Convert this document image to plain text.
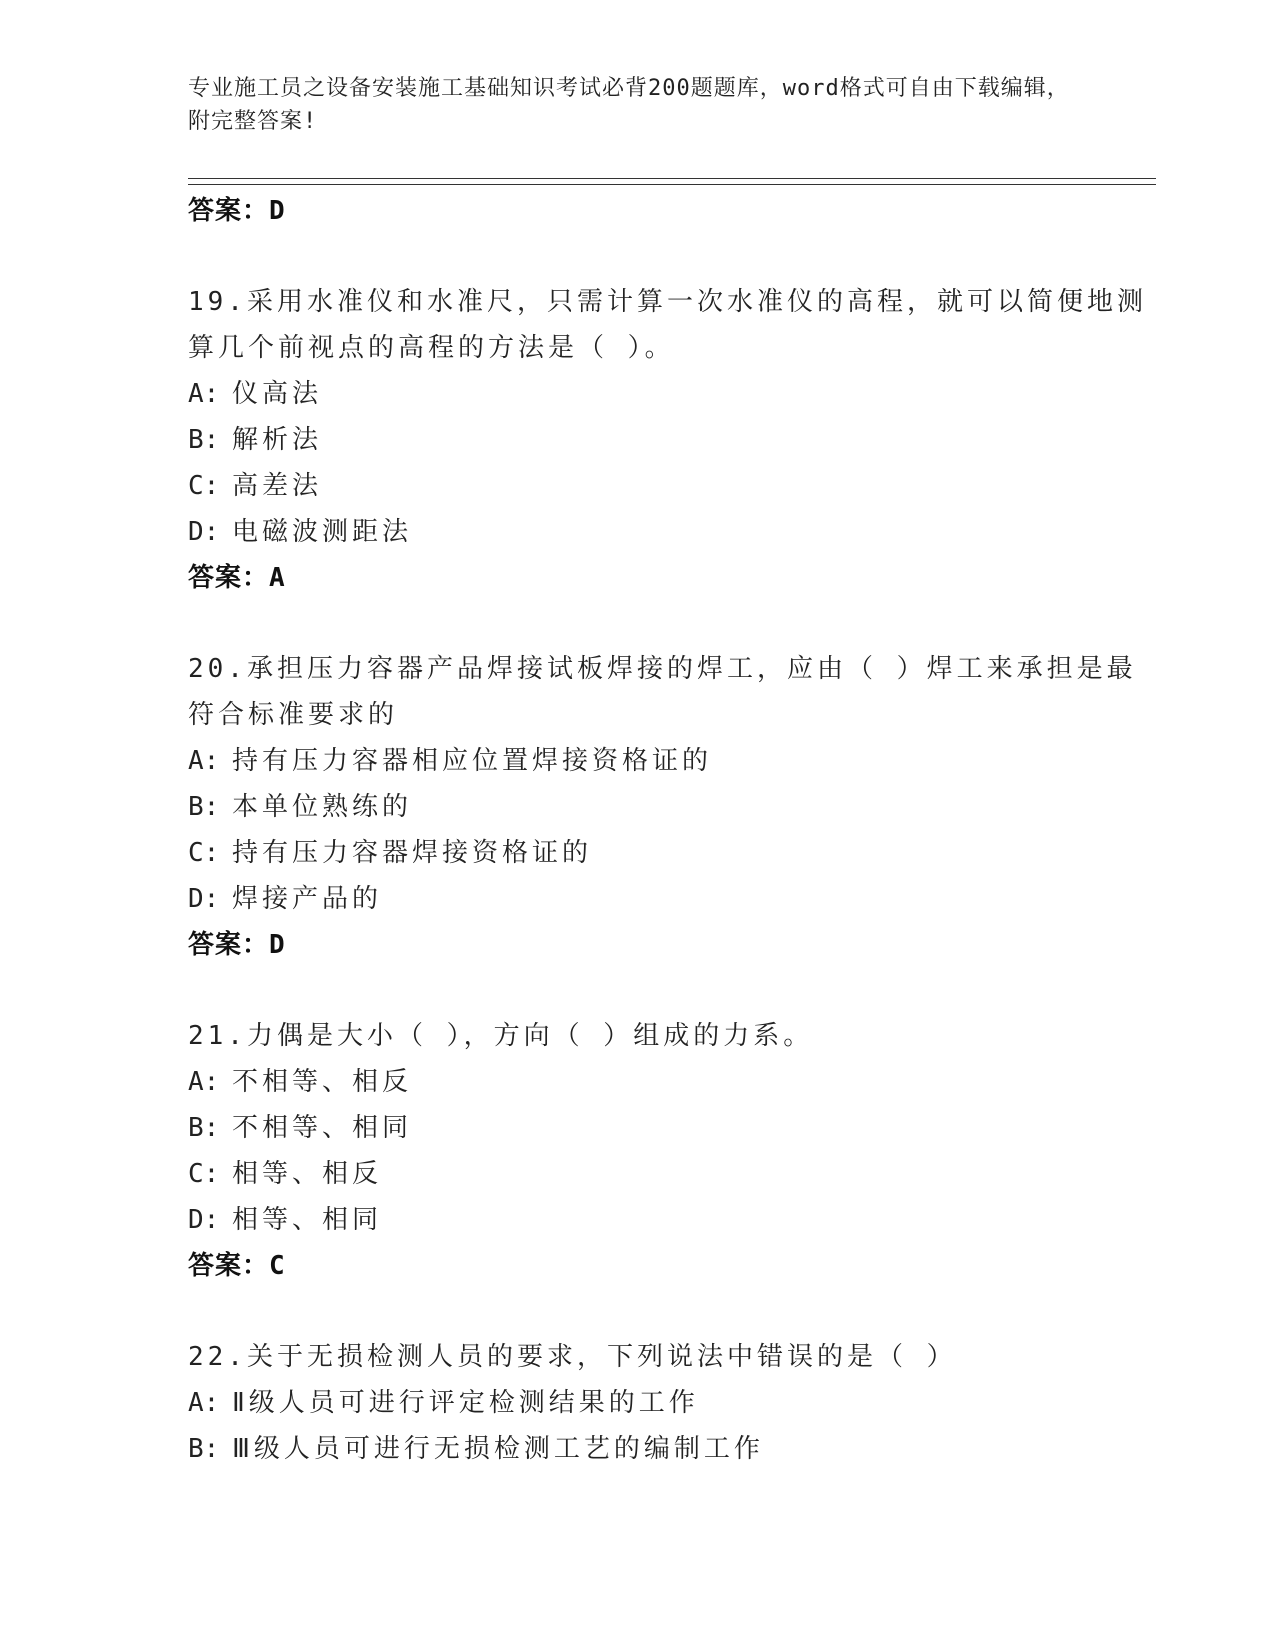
专业施工员之设备安装施工基础知识考试必背200题题库，word格式可自由下载编辑，附完整答案!
答案：D
19.采用水准仪和水准尺，只需计算一次水准仪的高程，就可以简便地测算几个前视点的高程的方法是（ ）。
A: 仪高法
B: 解析法
C: 高差法
D: 电磁波测距法
答案：A
20.承担压力容器产品焊接试板焊接的焊工，应由（ ）焊工来承担是最符合标准要求的
A: 持有压力容器相应位置焊接资格证的
B: 本单位熟练的
C: 持有压力容器焊接资格证的
D: 焊接产品的
答案：D
21.力偶是大小（ ），方向（ ）组成的力系。
A: 不相等、相反
B: 不相等、相同
C: 相等、相反
D: 相等、相同
答案：C
22.关于无损检测人员的要求，下列说法中错误的是（ ）
A: Ⅱ级人员可进行评定检测结果的工作
B: Ⅲ级人员可进行无损检测工艺的编制工作
